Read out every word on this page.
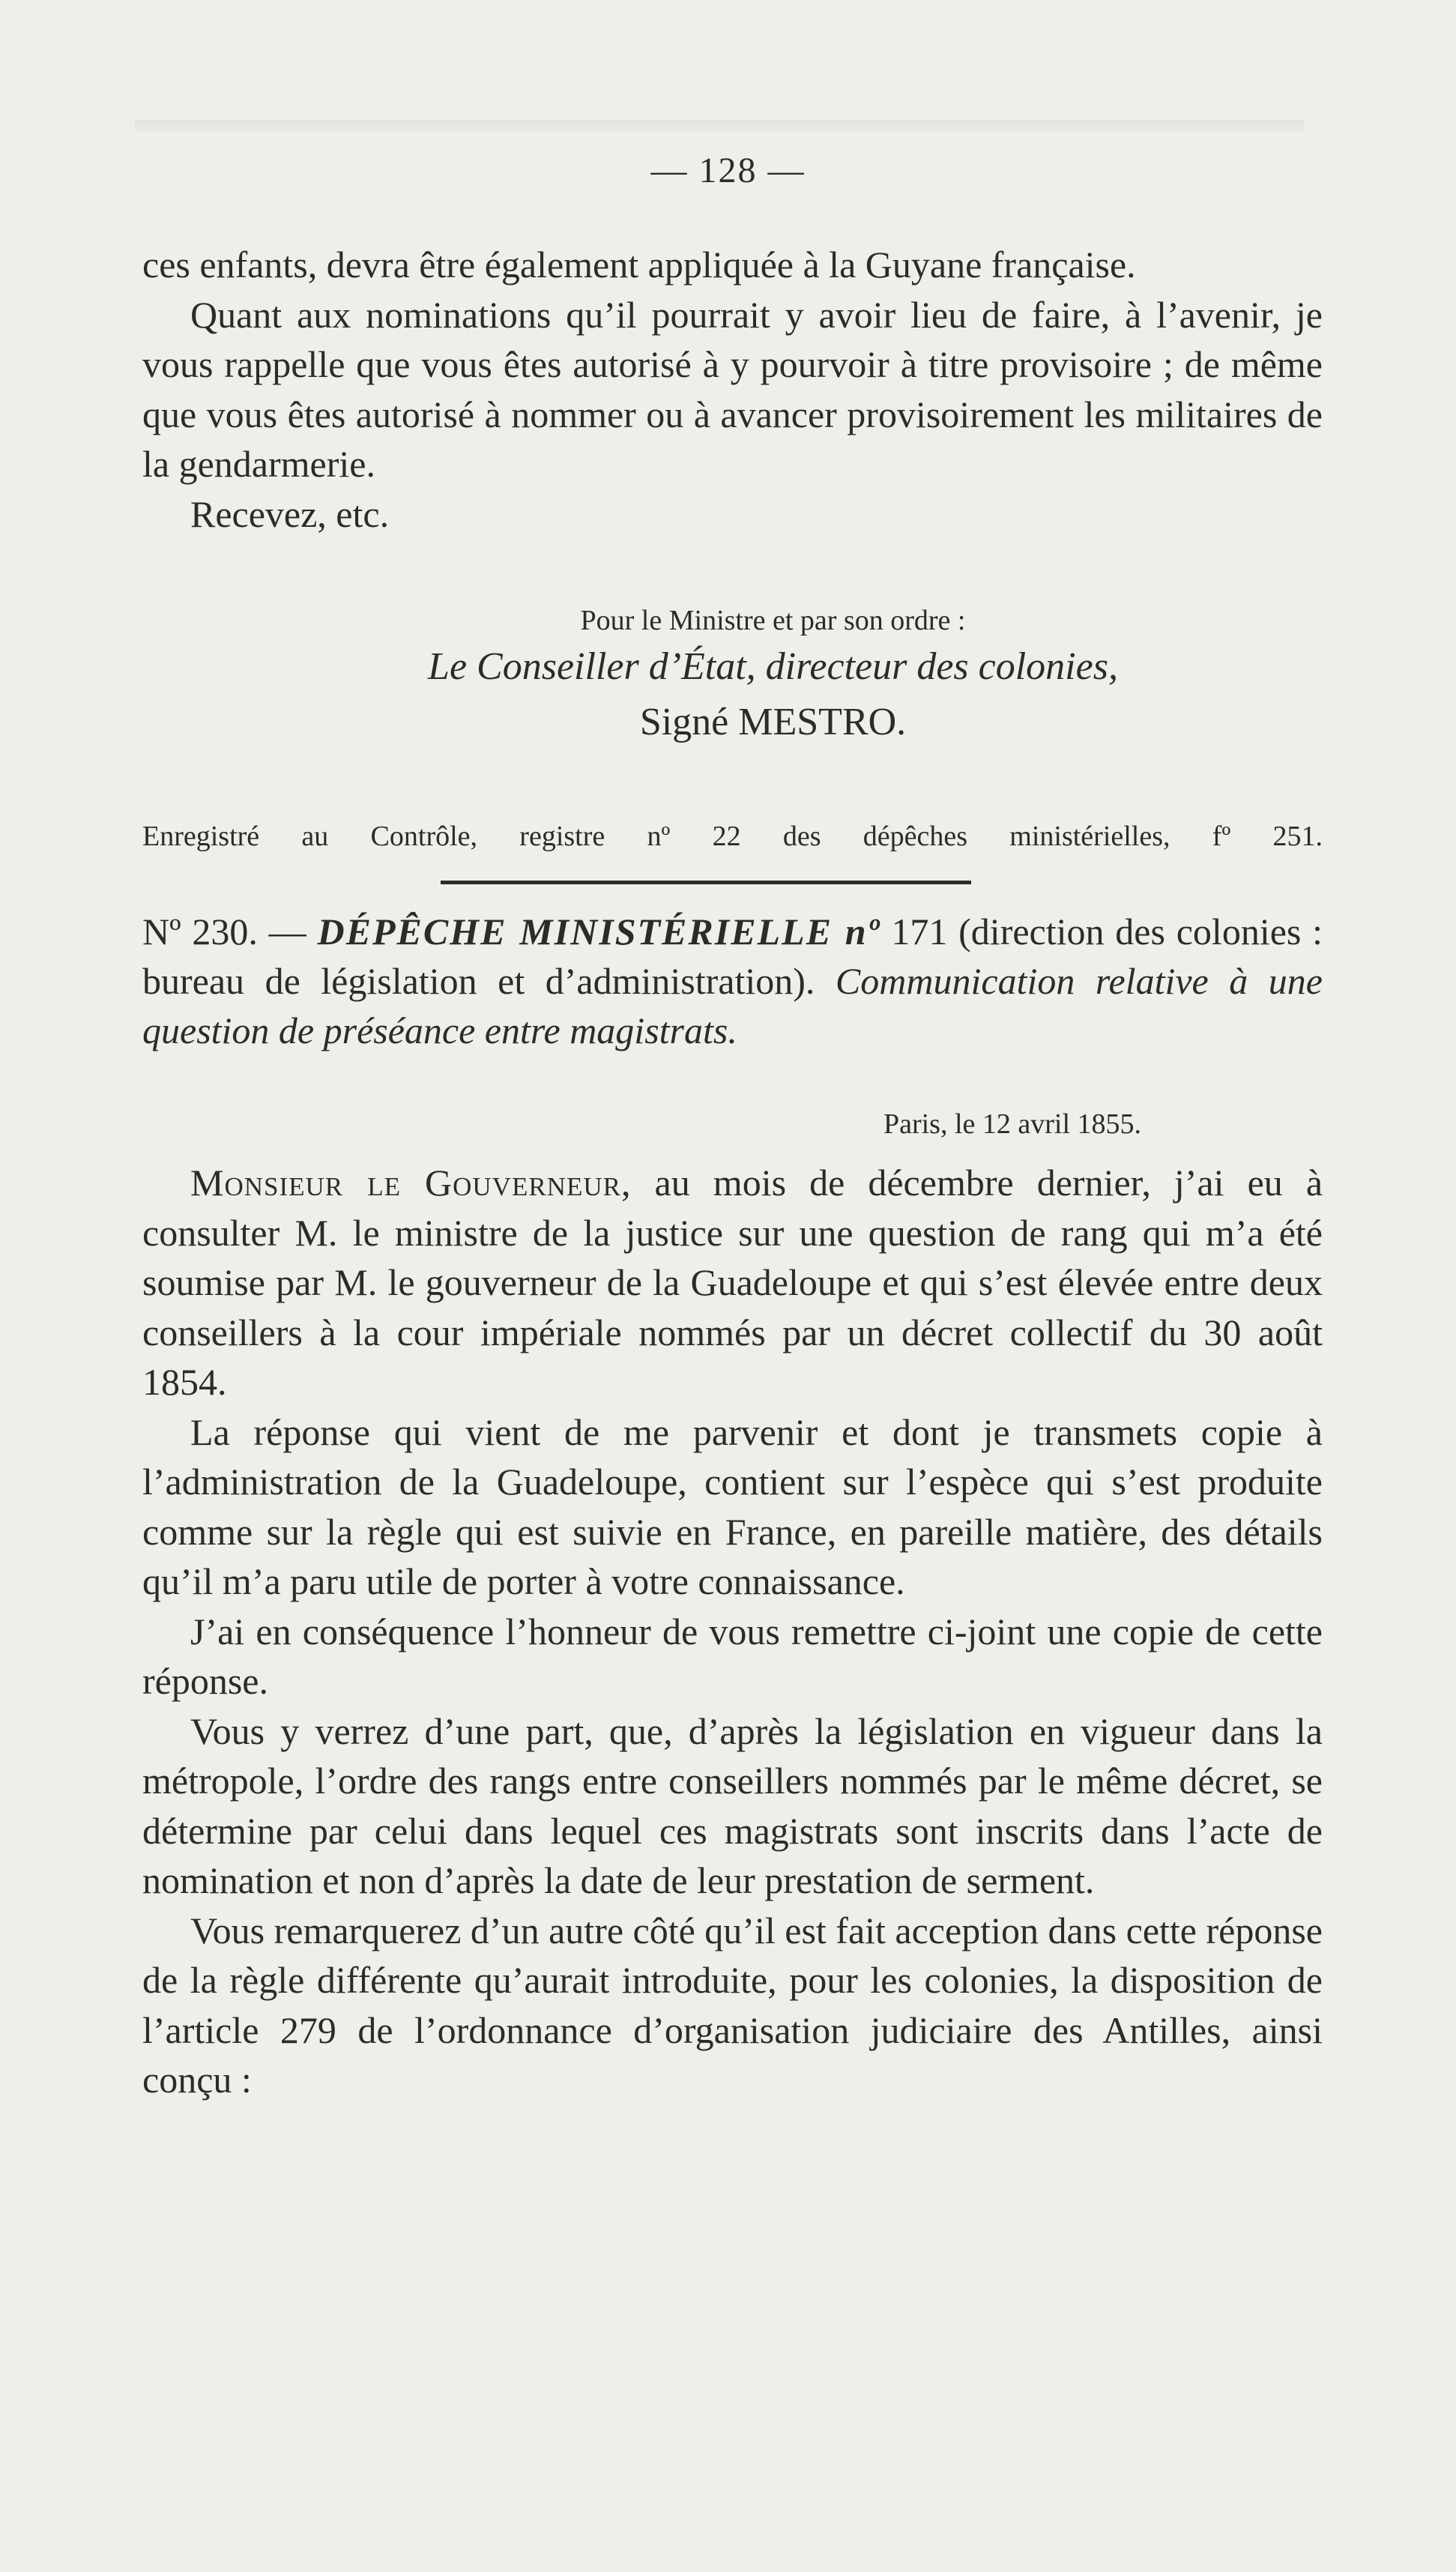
— 128 —

ces enfants, devra être également appliquée à la Guyane française.

Quant aux nominations qu’il pourrait y avoir lieu de faire, à l’avenir, je vous rappelle que vous êtes autorisé à y pourvoir à titre provisoire ; de même que vous êtes autorisé à nommer ou à avancer provisoirement les militaires de la gendarmerie.

Recevez, etc.

Pour le Ministre et par son ordre :
Le Conseiller d’État, directeur des colonies,
Signé MESTRO.
Enregistré au Contrôle, registre nº 22 des dépêches ministérielles, fº 251.
Nº 230. — DÉPÊCHE MINISTÉRIELLE nº 171 (direction des colonies : bureau de législation et d’administration). Communication relative à une question de préséance entre magistrats.
Paris, le 12 avril 1855.

Monsieur le Gouverneur, au mois de décembre dernier, j’ai eu à consulter M. le ministre de la justice sur une question de rang qui m’a été soumise par M. le gouverneur de la Guadeloupe et qui s’est élevée entre deux conseillers à la cour impériale nommés par un décret collectif du 30 août 1854.

La réponse qui vient de me parvenir et dont je transmets copie à l’administration de la Guadeloupe, contient sur l’espèce qui s’est produite comme sur la règle qui est suivie en France, en pareille matière, des détails qu’il m’a paru utile de porter à votre connaissance.

J’ai en conséquence l’honneur de vous remettre ci-joint une copie de cette réponse.

Vous y verrez d’une part, que, d’après la législation en vigueur dans la métropole, l’ordre des rangs entre conseillers nommés par le même décret, se détermine par celui dans lequel ces magistrats sont inscrits dans l’acte de nomination et non d’après la date de leur prestation de serment.

Vous remarquerez d’un autre côté qu’il est fait acception dans cette réponse de la règle différente qu’aurait introduite, pour les colonies, la disposition de l’article 279 de l’ordonnance d’organisation judiciaire des Antilles, ainsi conçu :
